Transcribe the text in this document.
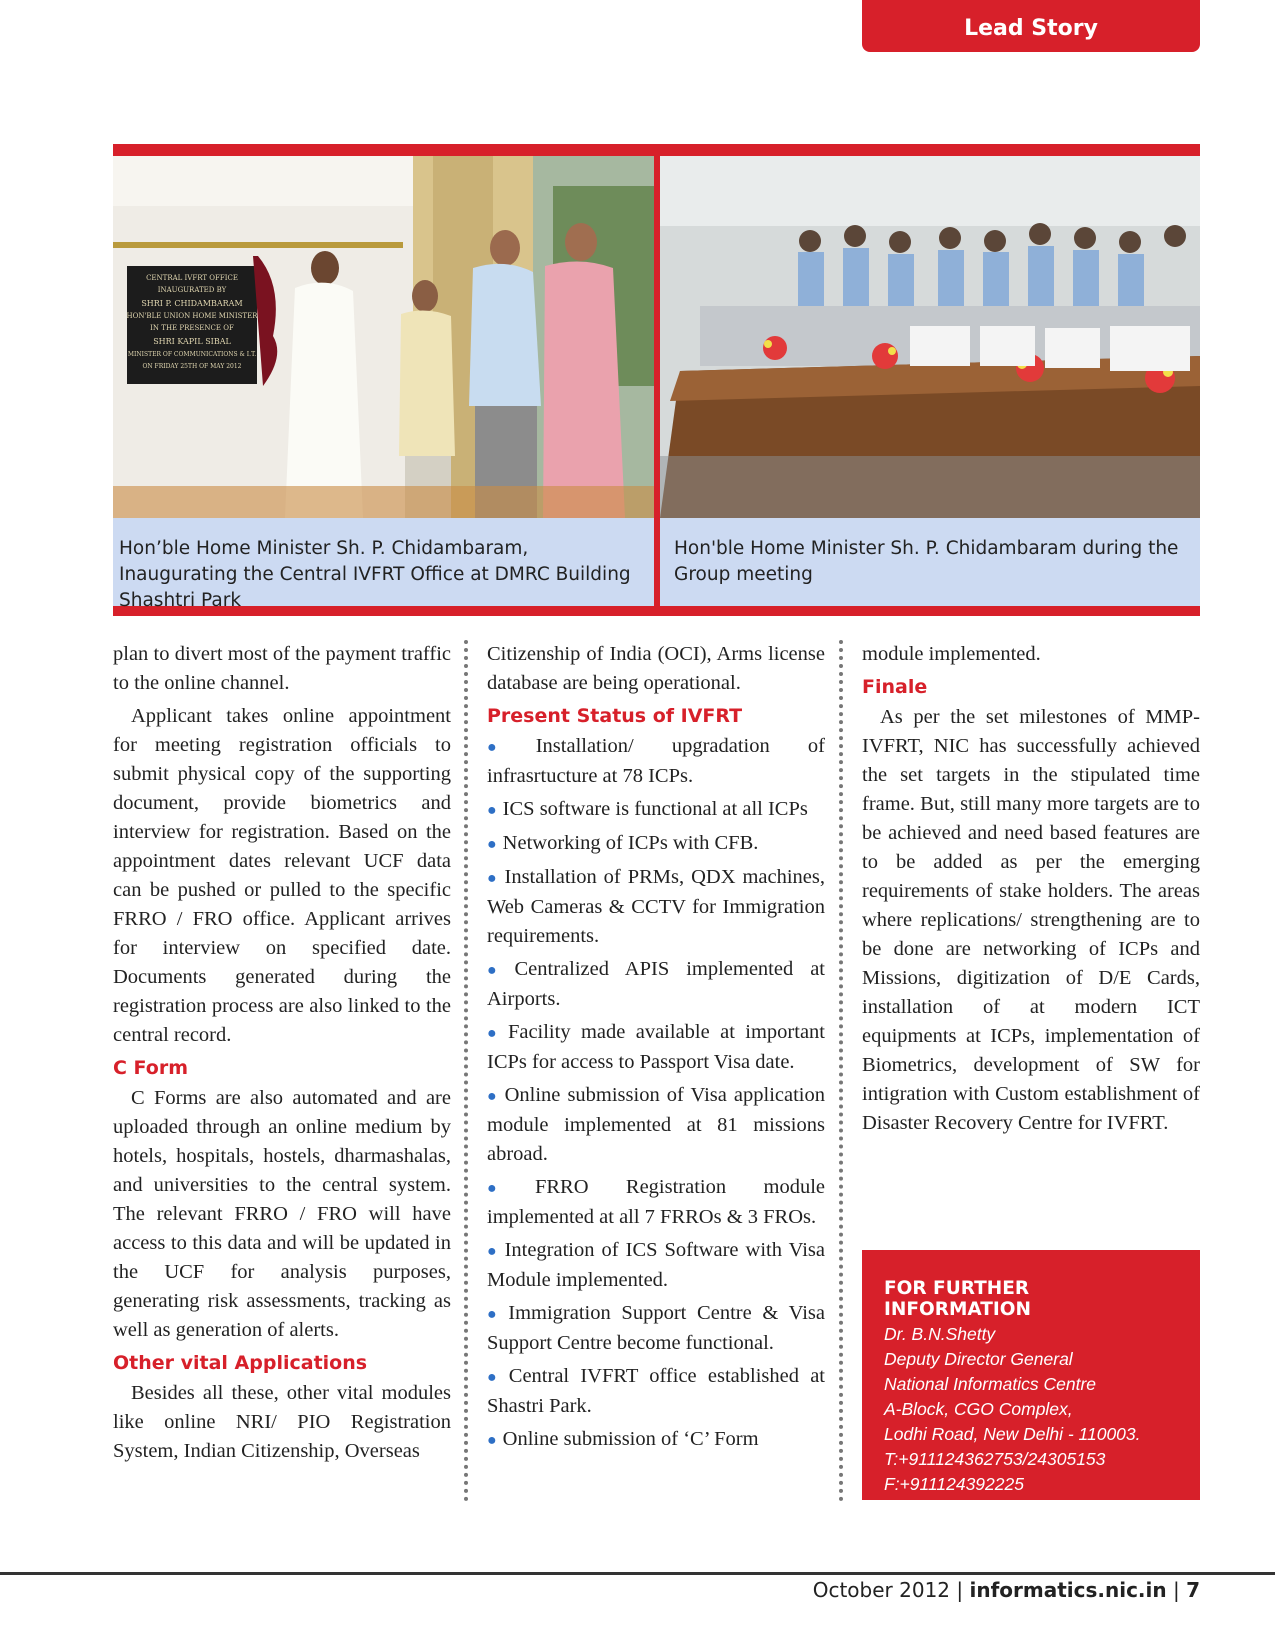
Lead Story
CENTRAL IVFRT OFFICE
INAUGURATED BY
SHRI P. CHIDAMBARAM
HON'BLE UNION HOME MINISTER
IN THE PRESENCE OF
SHRI KAPIL SIBAL
MINISTER OF COMMUNICATIONS & I.T.
ON FRIDAY 25TH OF MAY 2012
Hon’ble Home Minister Sh. P. Chidambaram, Inaugurating the Central IVFRT Office at DMRC Building Shashtri Park
Hon'ble Home Minister Sh. P. Chidambaram during the Group meeting

plan to divert most of the payment traffic to the online channel.

Applicant takes online appointment for meeting registration officials to submit physical copy of the supporting document, provide biometrics and interview for registration. Based on the appointment dates relevant UCF data can be pushed or pulled to the specific FRRO / FRO office. Applicant arrives for interview on specified date. Documents generated during the registration process are also linked to the central record.

C Form

C Forms are also automated and are uploaded through an online medium by hotels, hospitals, hostels, dharmashalas, and universities to the central system. The relevant FRRO / FRO will have access to this data and will be updated in the UCF for analysis purposes, generating risk assessments, tracking as well as generation of alerts.

Other vital Applications

Besides all these, other vital modules like online NRI/ PIO Registration System, Indian Citizenship, Overseas

Citizenship of India (OCI), Arms license database are being operational.

Present Status of IVFRT
● Installation/ upgradation of infrasrtucture at 78 ICPs.
● ICS software is functional at all ICPs
● Networking of ICPs with CFB.
● Installation of PRMs, QDX machines, Web Cameras & CCTV for Immigration requirements.
● Centralized APIS implemented at Airports.
● Facility made available at important ICPs for access to Passport Visa date.
● Online submission of Visa application module implemented at 81 missions abroad.
● FRRO Registration module implemented at all 7 FRROs & 3 FROs.
● Integration of ICS Software with Visa Module implemented.
● Immigration Support Centre & Visa Support Centre become functional.
● Central IVFRT office established at Shastri Park.
● Online submission of ‘C’ Form

module implemented.

Finale

As per the set milestones of MMP-IVFRT, NIC has successfully achieved the set targets in the stipulated time frame. But, still many more targets are to be achieved and need based features are to be added as per the emerging requirements of stake holders. The areas where replications/ strengthening are to be done are networking of ICPs and Missions, digitization of D/E Cards, installation of at modern ICT equipments at ICPs, implementation of Biometrics, development of SW for intigration with Custom establishment of Disaster Recovery Centre for IVFRT.

FOR FURTHER INFORMATION
Dr. B.N.Shetty
Deputy Director General
National Informatics Centre
A-Block, CGO Complex,
Lodhi Road, New Delhi - 110003.
T:+911124362753/24305153
F:+911124392225
October 2012 | informatics.nic.in | 7
